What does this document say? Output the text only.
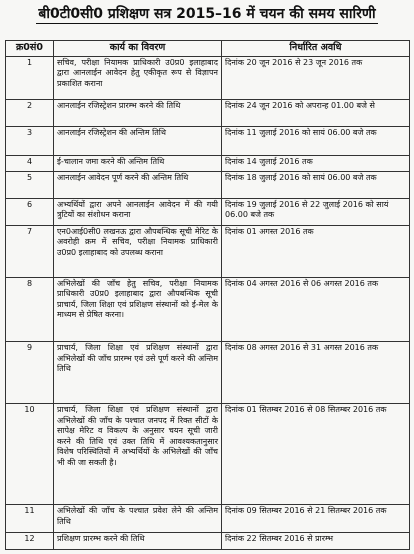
बी0टी0सी0 प्रशिक्षण सत्र 2015–16 में चयन की समय सारिणी
क्र0सं0	कार्य का विवरण	निर्धारित अवधि
1	सचिव, परीक्षा नियामक प्राधिकारी उ0प्र0 इलाहाबाद द्वारा आनलाईन आवेदन हेतु एकीकृत रूप से विज्ञापन प्रकाशित कराना	दिनांक 20 जून 2016 से 23 जून 2016 तक
2	आनलाईन रजिस्ट्रेशन प्रारम्भ करने की तिथि	दिनांक 24 जून 2016 को अपरान्ह 01.00 बजे से
3	आनलाईन रजिस्ट्रेशन की अन्तिम तिथि	दिनांक 11 जुलाई 2016 को सायं 06.00 बजे तक
4	ई-चालान जमा करने की अन्तिम तिथि	दिनांक 14 जुलाई 2016 तक
5	आनलाईन आवेदन पूर्ण करने की अन्तिम तिथि	दिनांक 18 जुलाई 2016 को सायं 06.00 बजे तक
6	अभ्यर्थियों द्वारा अपने आनलाईन आवेदन में की गयी त्रुटियों का संशोधन कराना	दिनांक 19 जुलाई 2016 से 22 जुलाई 2016 को सायं 06.00 बजे तक
7	एन0आई0सी0 लखनऊ द्वारा औपबन्धिक सूची मेरिट के अवरोही क्रम में सचिव, परीक्षा नियामक प्राधिकारी उ0प्र0 इलाहाबाद को उपलब्ध कराना	दिनांक 01 अगस्त 2016 तक
8	अभिलेखों की जाँच हेतु सचिव, परीक्षा नियामक प्राधिकारी उ0प्र0 इलाहाबाद द्वारा औपबन्धिक सूची प्राचार्य, जिला शिक्षा एवं प्रशिक्षण संस्थानों को ई-मेल के माध्यम से प्रेषित करना।	दिनांक 04 अगस्त 2016 से 06 अगस्त 2016 तक
9	प्राचार्य, जिला शिक्षा एवं प्रशिक्षण संस्थानों द्वारा अभिलेखों की जाँच प्रारम्भ एवं उसे पूर्ण करने की अन्तिम तिथि	दिनांक 08 अगस्त 2016 से 31 अगस्त 2016 तक
10	प्राचार्य, जिला शिक्षा एवं प्रशिक्षण संस्थानों द्वारा अभिलेखों की जाँच के पश्चात जनपद में रिक्त सीटों के सापेक्ष मेरिट व विकल्प के अनुसार चयन सूची जारी करने की तिथि एवं उक्त तिथि में आवश्यकतानुसार विशेष परिस्थितियों में अभ्यर्थियों के अभिलेखों की जाँच भी की जा सकती है।	दिनांक 01 सितम्बर 2016 से 08 सितम्बर 2016 तक
11	अभिलेखों की जाँच के पश्चात प्रवेश लेने की अन्तिम तिथि	दिनांक 09 सितम्बर 2016 से 21 सितम्बर 2016 तक
12	प्रशिक्षण प्रारम्भ करने की तिथि	दिनांक 22 सितम्बर 2016 से प्रारम्भ
